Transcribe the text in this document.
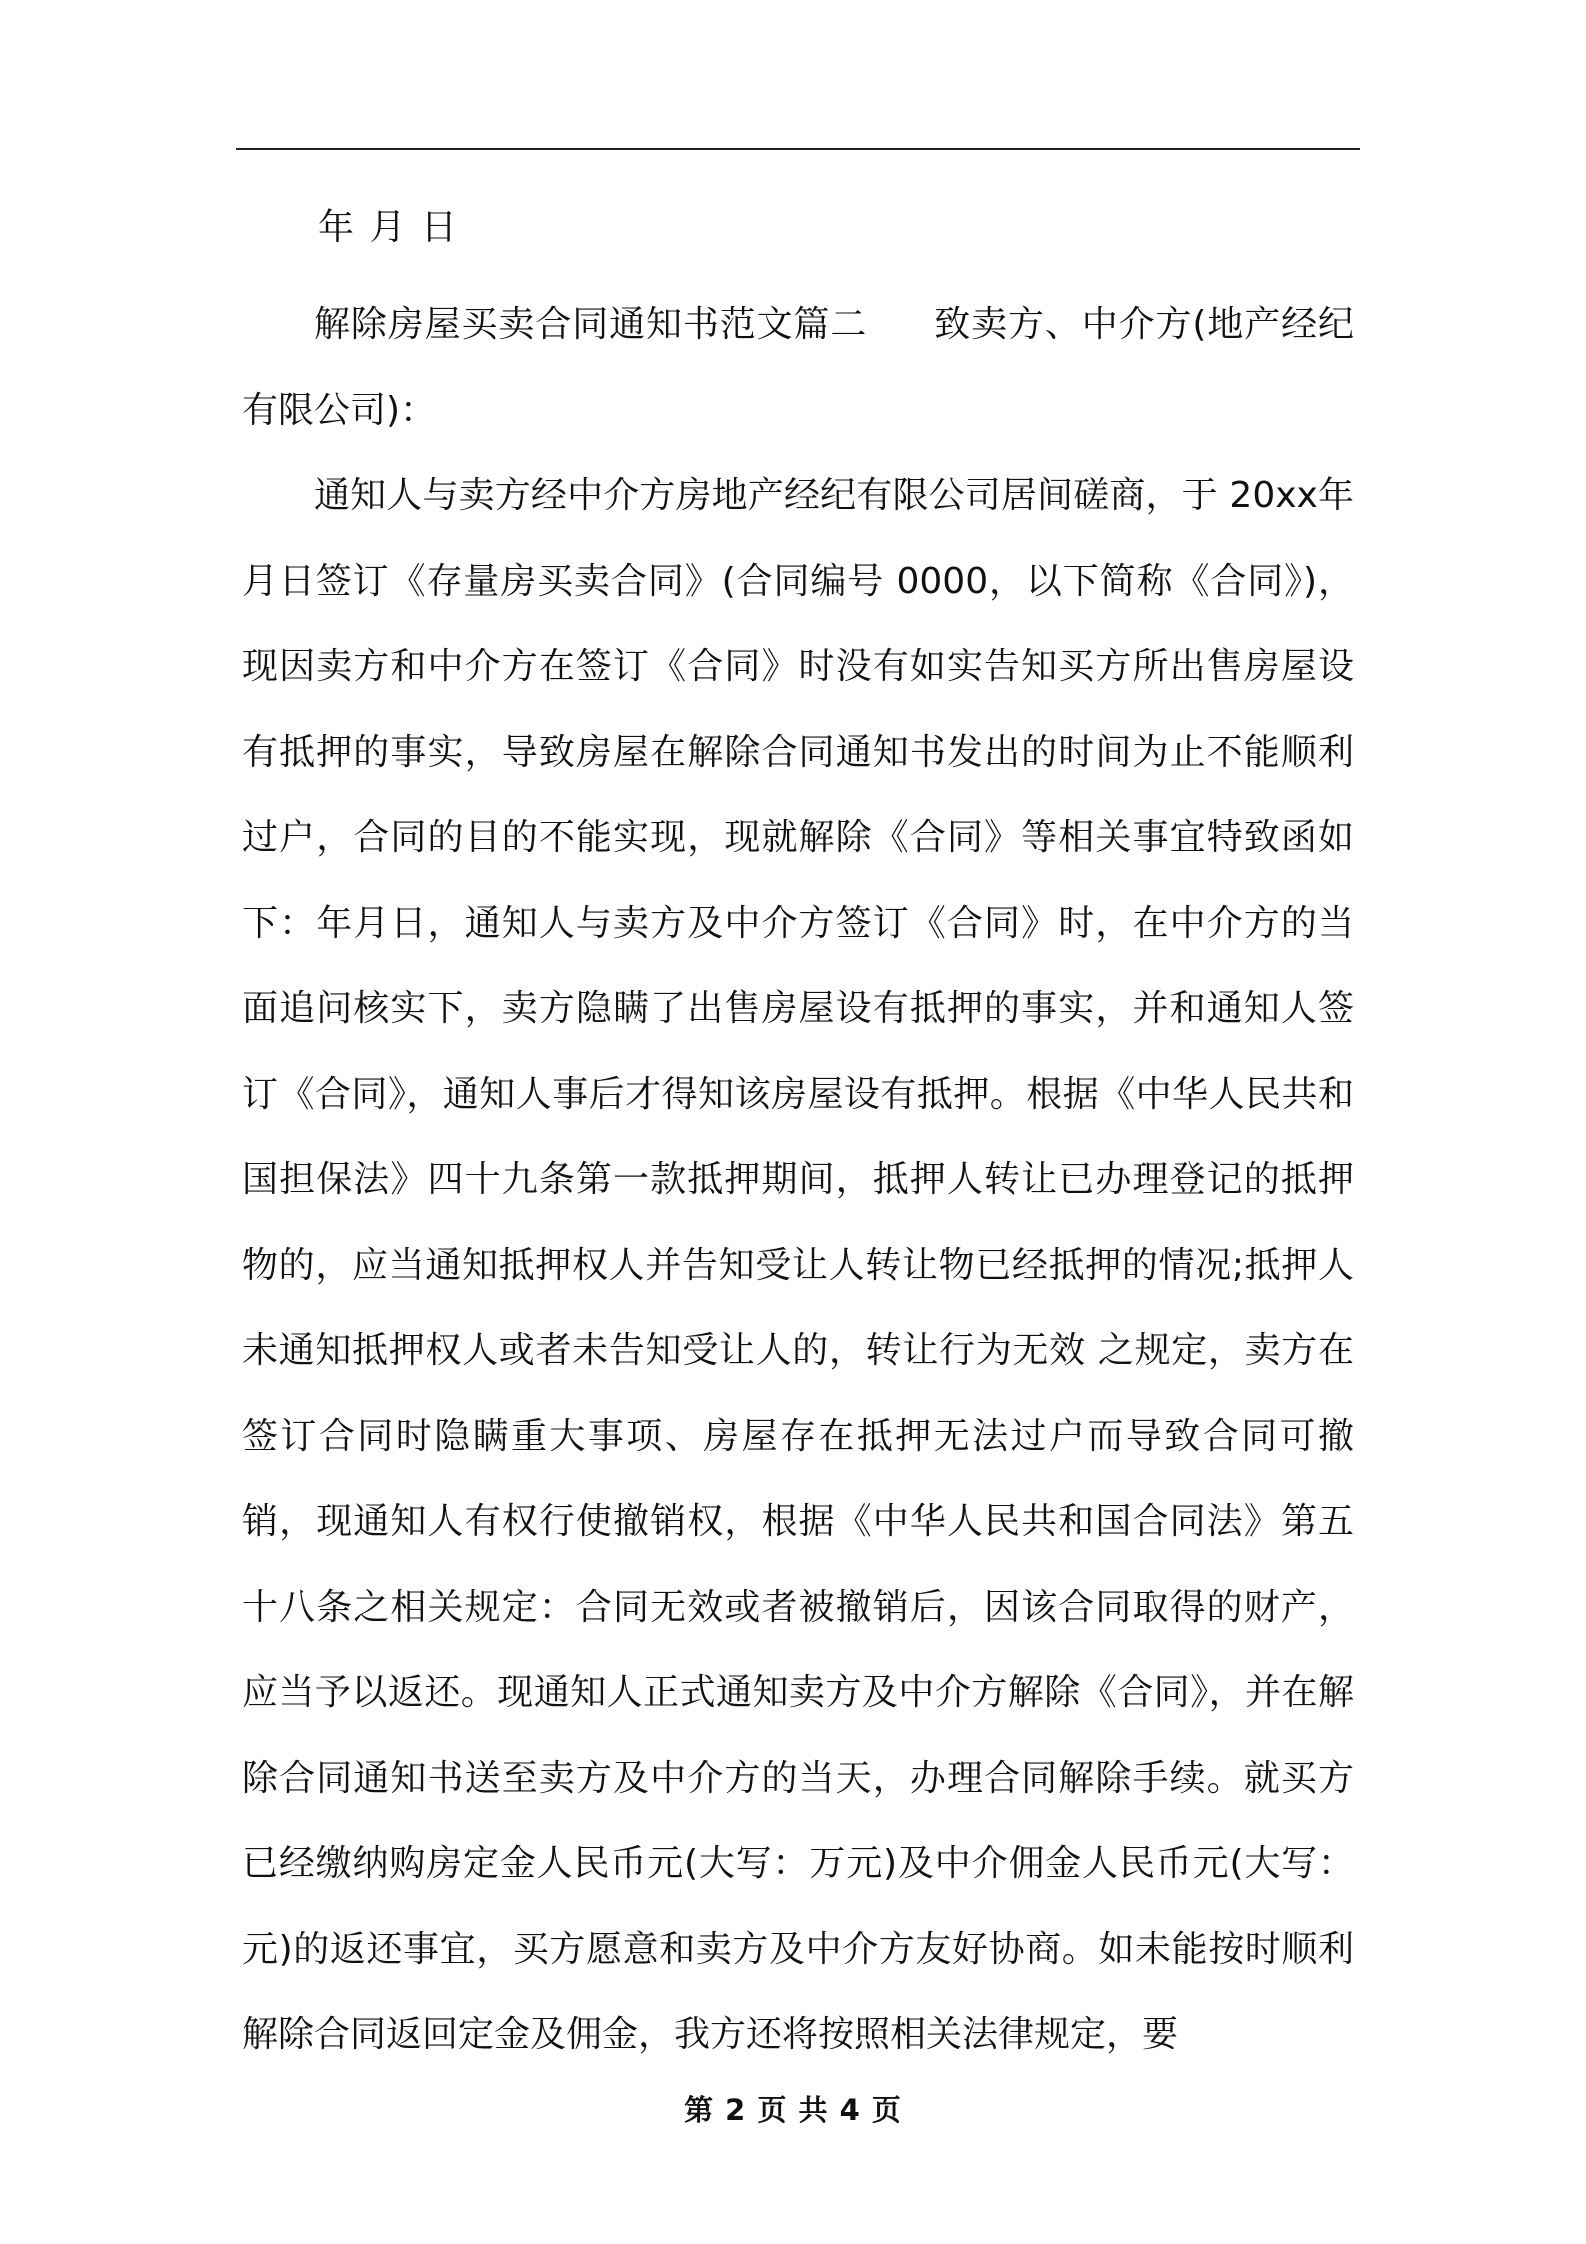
年 月 日

解除房屋买卖合同通知书范文篇二 致卖方、中介方(地产经纪有限公司)：

通知人与卖方经中介方房地产经纪有限公司居间磋商，于 20xx年月日签订《存量房买卖合同》(合同编号 0000，以下简称《合同》)，现因卖方和中介方在签订《合同》时没有如实告知买方所出售房屋设有抵押的事实，导致房屋在解除合同通知书发出的时间为止不能顺利过户，合同的目的不能实现，现就解除《合同》等相关事宜特致函如下：年月日，通知人与卖方及中介方签订《合同》时，在中介方的当面追问核实下，卖方隐瞒了出售房屋设有抵押的事实，并和通知人签订《合同》，通知人事后才得知该房屋设有抵押。根据《中华人民共和国担保法》四十九条第一款抵押期间，抵押人转让已办理登记的抵押物的，应当通知抵押权人并告知受让人转让物已经抵押的情况;抵押人未通知抵押权人或者未告知受让人的，转让行为无效 之规定，卖方在签订合同时隐瞒重大事项、房屋存在抵押无法过户而导致合同可撤销，现通知人有权行使撤销权，根据《中华人民共和国合同法》第五十八条之相关规定：合同无效或者被撤销后，因该合同取得的财产，应当予以返还。现通知人正式通知卖方及中介方解除《合同》，并在解除合同通知书送至卖方及中介方的当天，办理合同解除手续。就买方已经缴纳购房定金人民币元(大写：万元)及中介佣金人民币元(大写：元)的返还事宜，买方愿意和卖方及中介方友好协商。如未能按时顺利解除合同返回定金及佣金，我方还将按照相关法律规定，要

第 2 页 共 4 页
